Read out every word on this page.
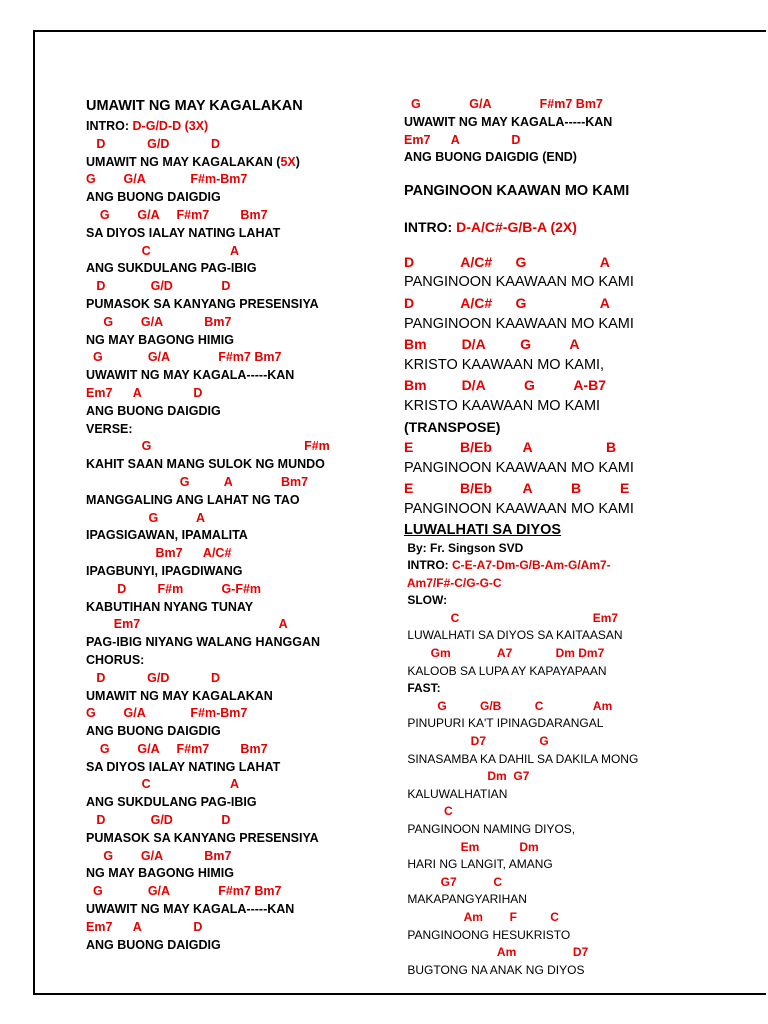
UMAWIT NG MAY KAGALAKAN
INTRO: D-G/D-D (3X)
D            G/D            D
UMAWIT NG MAY KAGALAKAN (5X)
G        G/A             F#m-Bm7
ANG BUONG DAIGDIG
G        G/A     F#m7         Bm7
SA DIYOS IALAY NATING LAHAT
C                       A
ANG SUKDULANG PAG-IBIG
D             G/D              D
PUMASOK SA KANYANG PRESENSIYA
G        G/A            Bm7
NG MAY BAGONG HIMIG
G             G/A              F#m7 Bm7
UWAWIT NG MAY KAGALA-----KAN
Em7      A               D
ANG BUONG DAIGDIG
VERSE:
G                                            F#m
KAHIT SAAN MANG SULOK NG MUNDO
G          A              Bm7
MANGGALING ANG LAHAT NG TAO
G           A
IPAGSIGAWAN, IPAMALITA
Bm7      A/C#
IPAGBUNYI, IPAGDIWANG
D         F#m           G-F#m
KABUTIHAN NYANG TUNAY
Em7                                        A
PAG-IBIG NIYANG WALANG HANGGAN
CHORUS:
D            G/D            D
UMAWIT NG MAY KAGALAKAN
G        G/A             F#m-Bm7
ANG BUONG DAIGDIG
G        G/A     F#m7         Bm7
SA DIYOS IALAY NATING LAHAT
C                       A
ANG SUKDULANG PAG-IBIG
D             G/D              D
PUMASOK SA KANYANG PRESENSIYA
G        G/A            Bm7
NG MAY BAGONG HIMIG
G             G/A              F#m7 Bm7
UWAWIT NG MAY KAGALA-----KAN
Em7      A               D
ANG BUONG DAIGDIG
G              G/A              F#m7 Bm7
UWAWIT NG MAY KAGALA-----KAN
Em7      A               D
ANG BUONG DAIGDIG (END)
PANGINOON KAAWAN MO KAMI
INTRO: D-A/C#-G/B-A (2X)
D            A/C#      G                   A
PANGINOON KAAWAAN MO KAMI
D            A/C#      G                   A
PANGINOON KAAWAAN MO KAMI
Bm         D/A         G          A
KRISTO KAAWAAN MO KAMI,
Bm         D/A          G          A-B7
KRISTO KAAWAAN MO KAMI
(TRANSPOSE)
E            B/Eb        A                   B
PANGINOON KAAWAAN MO KAMI
E            B/Eb        A          B          E
PANGINOON KAAWAAN MO KAMI
LUWALHATI SA DIYOS
By: Fr. Singson SVD
INTRO: C-E-A7-Dm-G/B-Am-G/Am7-
Am7/F#-C/G-G-C
SLOW:
C                                        Em7
LUWALHATI SA DIYOS SA KAITAASAN
Gm              A7             Dm Dm7
KALOOB SA LUPA AY KAPAYAPAAN
FAST:
G          G/B          C               Am
PINUPURI KA'T IPINAGDARANGAL
D7                G
SINASAMBA KA DAHIL SA DAKILA MONG
Dm  G7
KALUWALHATIAN
C
PANGINOON NAMING DIYOS,
Em            Dm
HARI NG LANGIT, AMANG
G7           C
MAKAPANGYARIHAN
Am        F          C
PANGINOONG HESUKRISTO
Am                 D7
BUGTONG NA ANAK NG DIYOS
